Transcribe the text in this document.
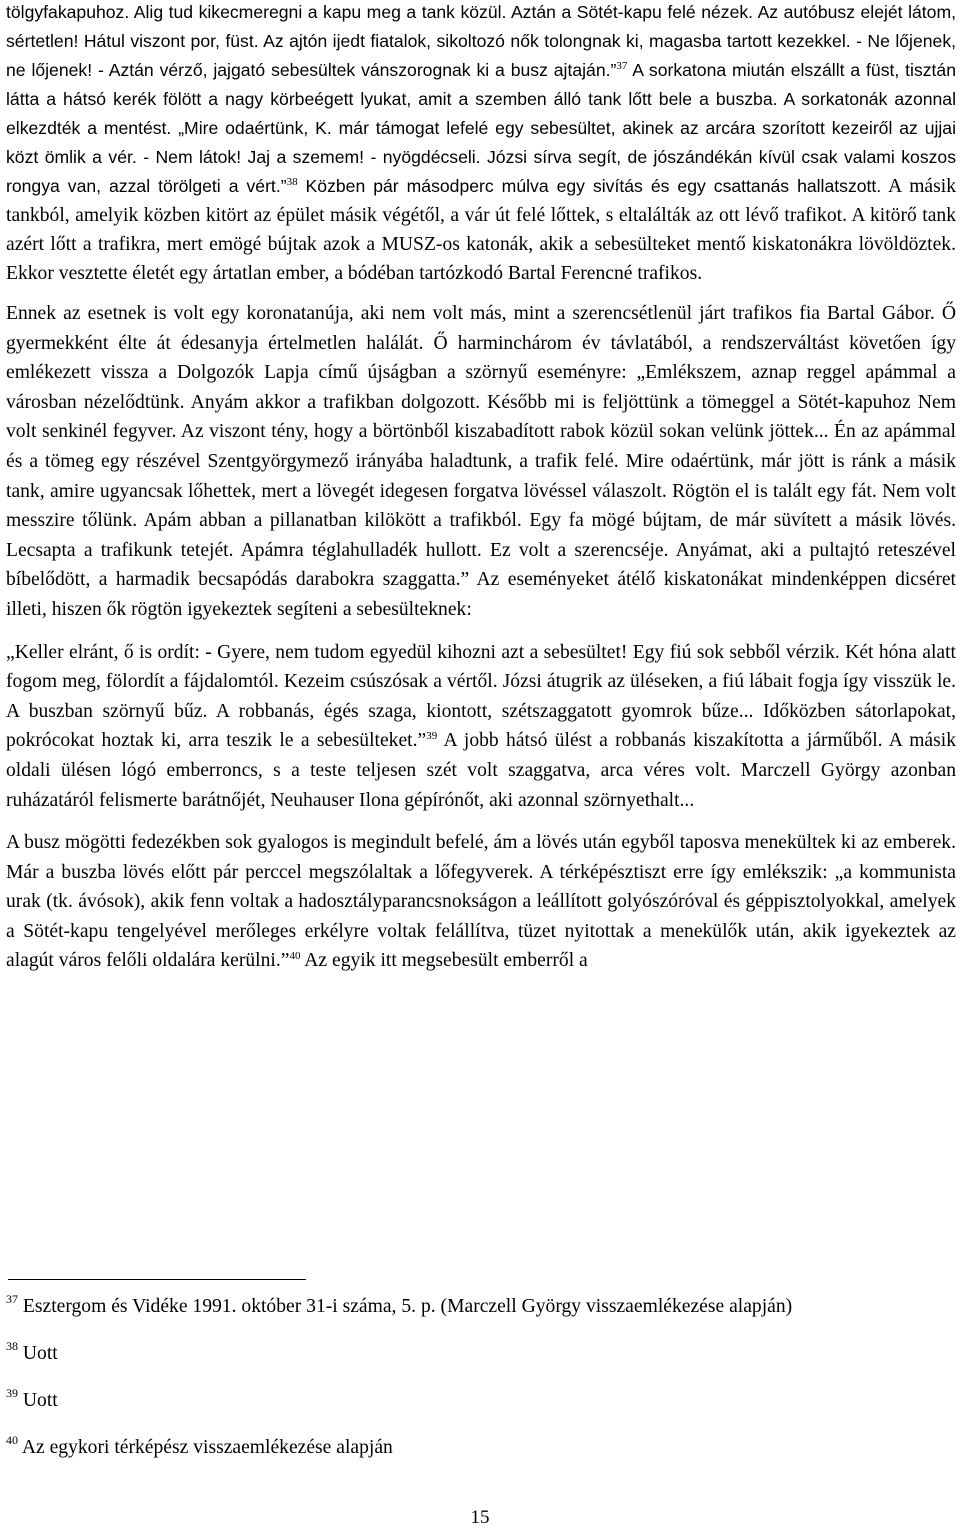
tölgyfakapuhoz. Alig tud kikecmeregni a kapu meg a tank közül. Aztán a Sötét-kapu felé nézek. Az autóbusz elejét látom, sértetlen! Hátul viszont por, füst. Az ajtón ijedt fiatalok, sikoltozó nők tolongnak ki, magasba tartott kezekkel. - Ne lőjenek, ne lőjenek! - Aztán vérző, jajgató sebesültek vánszorognak ki a busz ajtaján.”$^{37}$ A sorkatona miután elszállt a füst, tisztán látta a hátsó kerék fölött a nagy körbeégett lyukat, amit a szemben álló tank lőtt bele a buszba. A sorkatonák azonnal elkezdték a mentést. „Mire odaértünk, K. már támogat lefelé egy sebesültet, akinek az arcára szorított kezeiről az ujjai közt ömlik a vér. - Nem látok! Jaj a szemem! - nyögdécseli. Józsi sírva segít, de jószándékán kívül csak valami koszos rongya van, azzal törölgeti a vért.”$^{38}$ Közben pár másodperc múlva egy sivítás és egy csattanás hallatszott. A másik tankból, amelyik közben kitört az épület másik végétől, a vár út felé lőttek, s eltalálták az ott lévő trafikot. A kitörő tank azért lőtt a trafikra, mert emögé bújtak azok a MUSZ-os katonák, akik a sebesülteket mentő kiskatonákra lövöldöztek. Ekkor vesztette életét egy ártatlan ember, a bódéban tartózkodó Bartal Ferencné trafikos.

Ennek az esetnek is volt egy koronatanúja, aki nem volt más, mint a szerencsétlenül járt trafikos fia Bartal Gábor. Ő gyermekként élte át édesanyja értelmetlen halálát. Ő harminchárom év távlatából, a rendszerváltást követően így emlékezett vissza a Dolgozók Lapja című újságban a szörnyű eseményre: „Emlékszem, aznap reggel apámmal a városban nézelődtünk. Anyám akkor a trafikban dolgozott. Később mi is feljöttünk a tömeggel a Sötét-kapuhoz Nem volt senkinél fegyver. Az viszont tény, hogy a börtönből kiszabadított rabok közül sokan velünk jöttek... Én az apámmal és a tömeg egy részével Szentgyörgymező irányába haladtunk, a trafik felé. Mire odaértünk, már jött is ránk a másik tank, amire ugyancsak lőhettek, mert a lövegét idegesen forgatva lövéssel válaszolt. Rögtön el is talált egy fát. Nem volt messzire tőlünk. Apám abban a pillanatban kilökött a trafikból. Egy fa mögé bújtam, de már süvített a másik lövés. Lecsapta a trafikunk tetejét. Apámra téglahulladék hullott. Ez volt a szerencséje. Anyámat, aki a pultajtó reteszével bíbelődött, a harmadik becsapódás darabokra szaggatta.” Az eseményeket átélő kiskatonákat mindenképpen dicséret illeti, hiszen ők rögtön igyekeztek segíteni a sebesülteknek:

„Keller elránt, ő is ordít: - Gyere, nem tudom egyedül kihozni azt a sebesültet! Egy fiú sok sebből vérzik. Két hóna alatt fogom meg, fölordít a fájdalomtól. Kezeim csúszósak a vértől. Józsi átugrik az üléseken, a fiú lábait fogja így visszük le. A buszban szörnyű bűz. A robbanás, égés szaga, kiontott, szétszaggatott gyomrok bűze... Időközben sátorlapokat, pokrócokat hoztak ki, arra teszik le a sebesülteket.”$^{39}$ A jobb hátsó ülést a robbanás kiszakította a járműből. A másik oldali ülésen lógó emberroncs, s a teste teljesen szét volt szaggatva, arca véres volt. Marczell György azonban ruházatáról felismerte barátnőjét, Neuhauser Ilona gépírónőt, aki azonnal szörnyethalt...

A busz mögötti fedezékben sok gyalogos is megindult befelé, ám a lövés után egyből taposva menekültek ki az emberek. Már a buszba lövés előtt pár perccel megszólaltak a lőfegyverek. A térképésztiszt erre így emlékszik: „a kommunista urak (tk. ávósok), akik fenn voltak a hadosztályparancsnokságon a leállított golyószóróval és géppisztolyokkal, amelyek a Sötét-kapu tengelyével merőleges erkélyre voltak felállítva, tüzet nyitottak a menekülők után, akik igyekeztek az alagút város felőli oldalára kerülni.”$^{40}$ Az egyik itt megsebesült emberről a

$^{37}$ Esztergom és Vidéke 1991. október 31-i száma, 5. p. (Marczell György visszaemlékezése alapján)
$^{38}$ Uott
$^{39}$ Uott
$^{40}$ Az egykori térképész visszaemlékezése alapján
15
